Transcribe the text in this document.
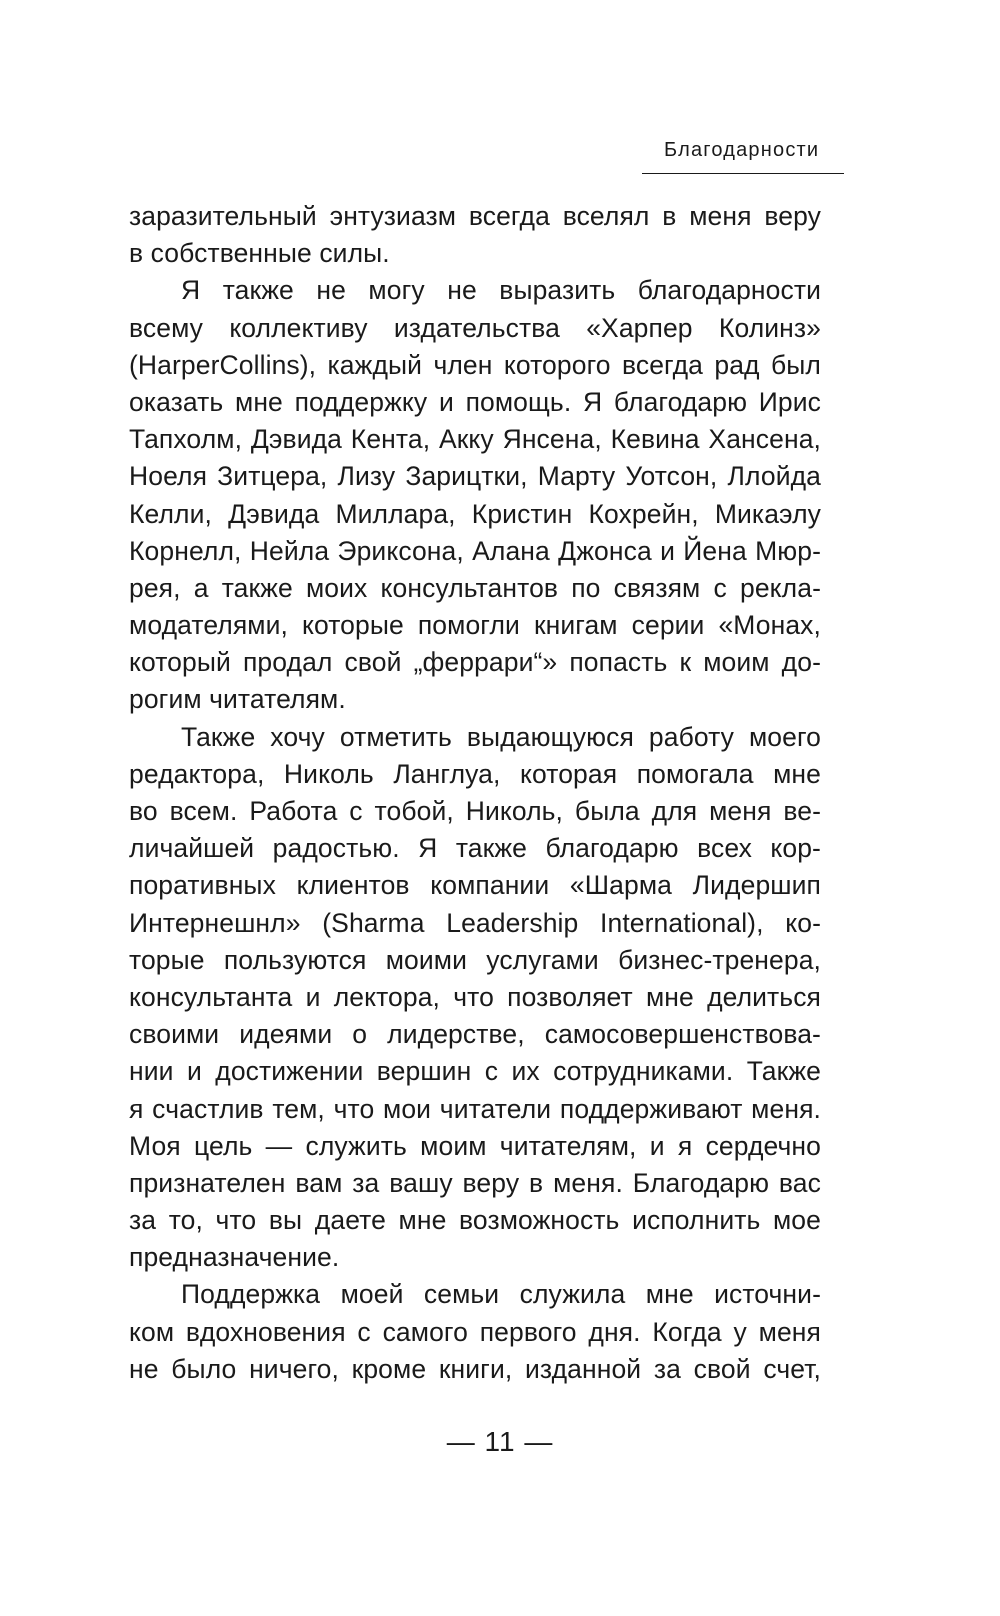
Благодарности
заразительный энтузиазм всегда вселял в меня веру
в собственные силы.
Я также не могу не выразить благодарности
всему коллективу издательства «Харпер Колинз»
(HarperCollins), каждый член которого всегда рад был
оказать мне поддержку и помощь. Я благодарю Ирис
Тапхолм, Дэвида Кента, Акку Янсена, Кевина Хансена,
Ноеля Зитцера, Лизу Зарицтки, Марту Уотсон, Ллойда
Келли, Дэвида Миллара, Кристин Кохрейн, Микаэлу
Корнелл, Нейла Эриксона, Алана Джонса и Йена Мюр-
рея, а также моих консультантов по связям с рекла-
модателями, которые помогли книгам серии «Монах,
который продал свой „феррари“» попасть к моим до-
рогим читателям.
Также хочу отметить выдающуюся работу моего
редактора, Николь Ланглуа, которая помогала мне
во всем. Работа с тобой, Николь, была для меня ве-
личайшей радостью. Я также благодарю всех кор-
поративных клиентов компании «Шарма Лидершип
Интернешнл» (Sharma Leadership International), ко-
торые пользуются моими услугами бизнес-тренера,
консультанта и лектора, что позволяет мне делиться
своими идеями о лидерстве, самосовершенствова-
нии и достижении вершин с их сотрудниками. Также
я счастлив тем, что мои читатели поддерживают меня.
Моя цель — служить моим читателям, и я сердечно
признателен вам за вашу веру в меня. Благодарю вас
за то, что вы даете мне возможность исполнить мое
предназначение.
Поддержка моей семьи служила мне источни-
ком вдохновения с самого первого дня. Когда у меня
не было ничего, кроме книги, изданной за свой счет,
— 11 —
